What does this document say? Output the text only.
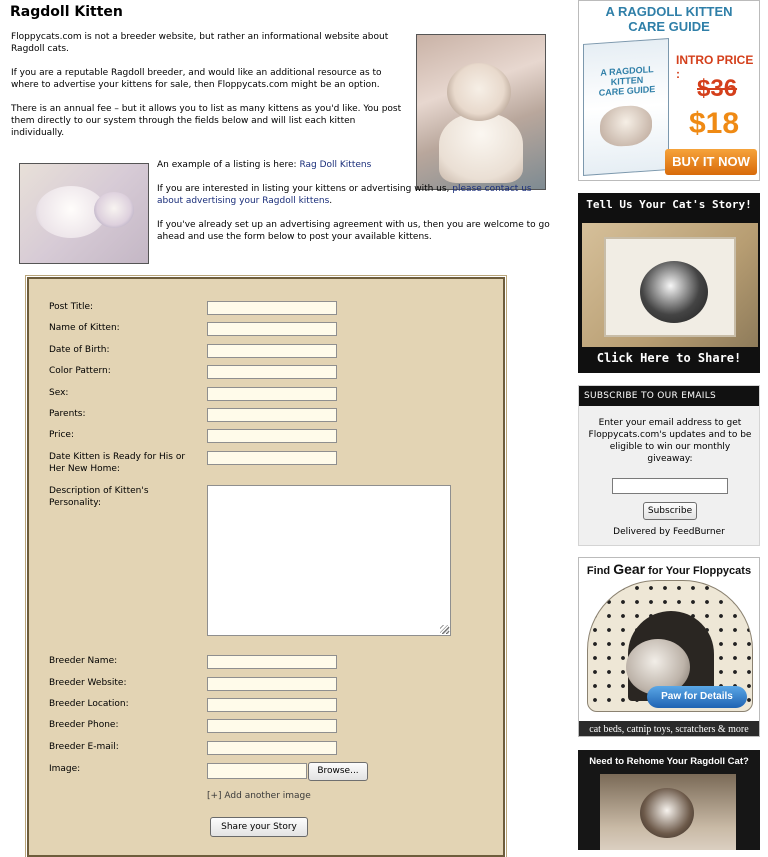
Ragdoll Kitten

Floppycats.com is not a breeder website, but rather an informational website about Ragdoll cats.

If you are a reputable Ragdoll breeder, and would like an additional resource as to where to advertise your kittens for sale, then Floppycats.com might be an option.

There is an annual fee – but it allows you to list as many kittens as you'd like. You post them directly to our system through the fields below and will list each kitten individually.

An example of a listing is here: Rag Doll Kittens

If you are interested in listing your kittens or advertising with us, please contact us about advertising your Ragdoll kittens.

If you've already set up an advertising agreement with us, then you are welcome to go ahead and use the form below to post your available kittens.

Post Title:
Name of Kitten:
Date of Birth:
Color Pattern:
Sex:
Parents:
Price:
Date Kitten is Ready for His or Her New Home:
Description of Kitten's Personality:
Breeder Name:
Breeder Website:
Breeder Location:
Breeder Phone:
Breeder E-mail:
Image:	Browse...
[+] Add another image
Share your Story
A RAGDOLL KITTEN
CARE GUIDE
A RAGDOLL KITTEN
CARE GUIDE
INTRO PRICE :
$36
$18
BUY IT NOW
Tell Us Your Cat's Story!
Click Here to Share!
SUBSCRIBE TO OUR EMAILS
Enter your email address to get Floppycats.com's updates and to be eligible to win our monthly giveaway:
Subscribe
Delivered by FeedBurner
Find Gear for Your Floppycats
Paw for Details
cat beds, catnip toys, scratchers & more
Need to Rehome Your Ragdoll Cat?
